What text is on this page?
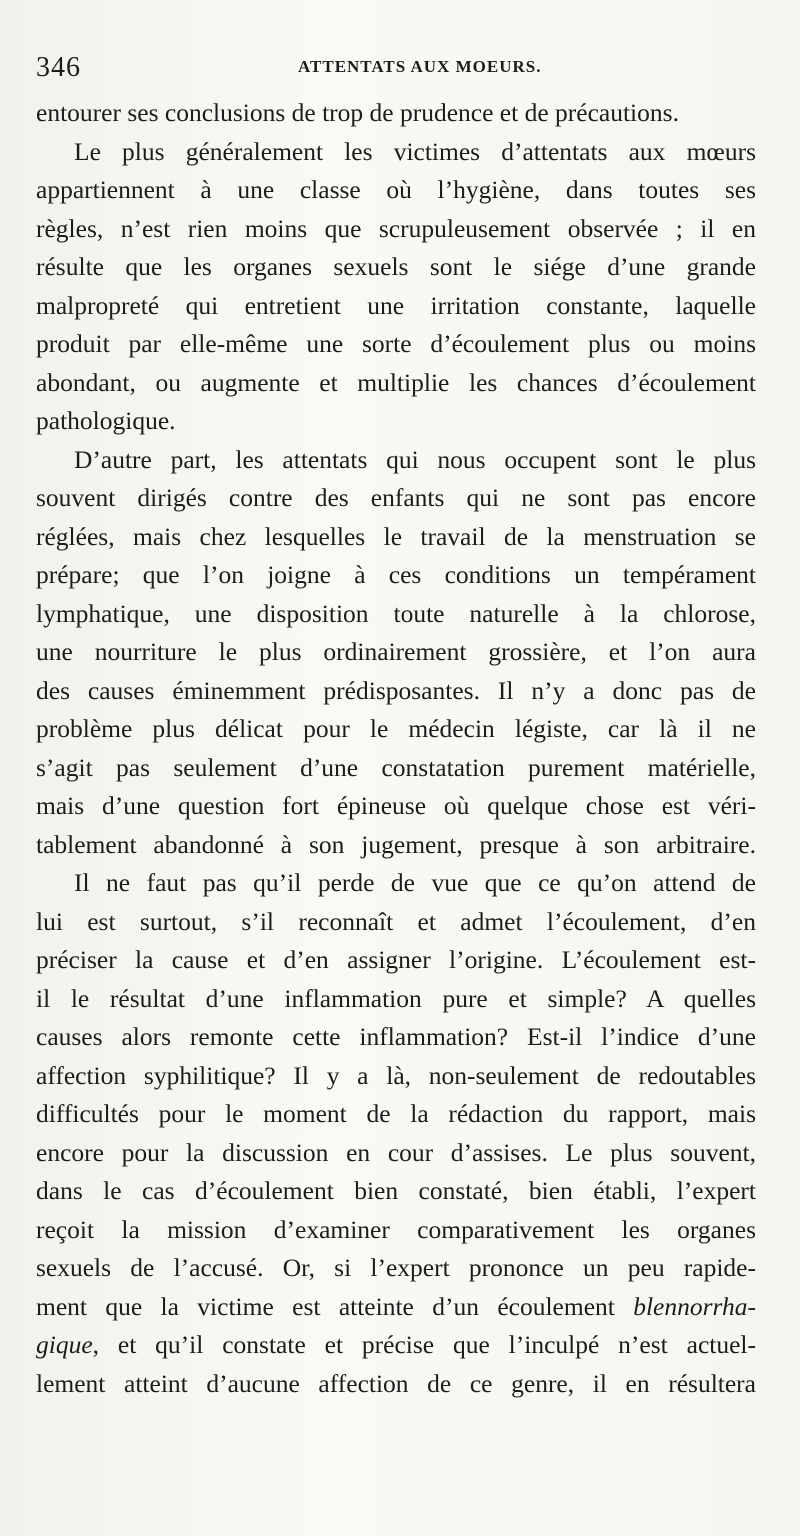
346	ATTENTATS AUX MOEURS.
entourer ses conclusions de trop de prudence et de précautions.
Le plus généralement les victimes d’attentats aux mœurs
appartiennent à une classe où l’hygiène, dans toutes ses
règles, n’est rien moins que scrupuleusement observée ; il en
résulte que les organes sexuels sont le siége d’une grande
malpropreté qui entretient une irritation constante, laquelle
produit par elle-même une sorte d’écoulement plus ou moins
abondant, ou augmente et multiplie les chances d’écoulement
pathologique.
D’autre part, les attentats qui nous occupent sont le plus
souvent dirigés contre des enfants qui ne sont pas encore
réglées, mais chez lesquelles le travail de la menstruation se
prépare; que l’on joigne à ces conditions un tempérament
lymphatique, une disposition toute naturelle à la chlorose,
une nourriture le plus ordinairement grossière, et l’on aura
des causes éminemment prédisposantes. Il n’y a donc pas de
problème plus délicat pour le médecin légiste, car là il ne
s’agit pas seulement d’une constatation purement matérielle,
mais d’une question fort épineuse où quelque chose est véri-
tablement abandonné à son jugement, presque à son arbitraire.
Il ne faut pas qu’il perde de vue que ce qu’on attend de
lui est surtout, s’il reconnaît et admet l’écoulement, d’en
préciser la cause et d’en assigner l’origine. L’écoulement est-
il le résultat d’une inflammation pure et simple? A quelles
causes alors remonte cette inflammation? Est-il l’indice d’une
affection syphilitique? Il y a là, non-seulement de redoutables
difficultés pour le moment de la rédaction du rapport, mais
encore pour la discussion en cour d’assises. Le plus souvent,
dans le cas d’écoulement bien constaté, bien établi, l’expert
reçoit la mission d’examiner comparativement les organes
sexuels de l’accusé. Or, si l’expert prononce un peu rapide-
ment que la victime est atteinte d’un écoulement blennorrha-
gique, et qu’il constate et précise que l’inculpé n’est actuel-
lement atteint d’aucune affection de ce genre, il en résultera
